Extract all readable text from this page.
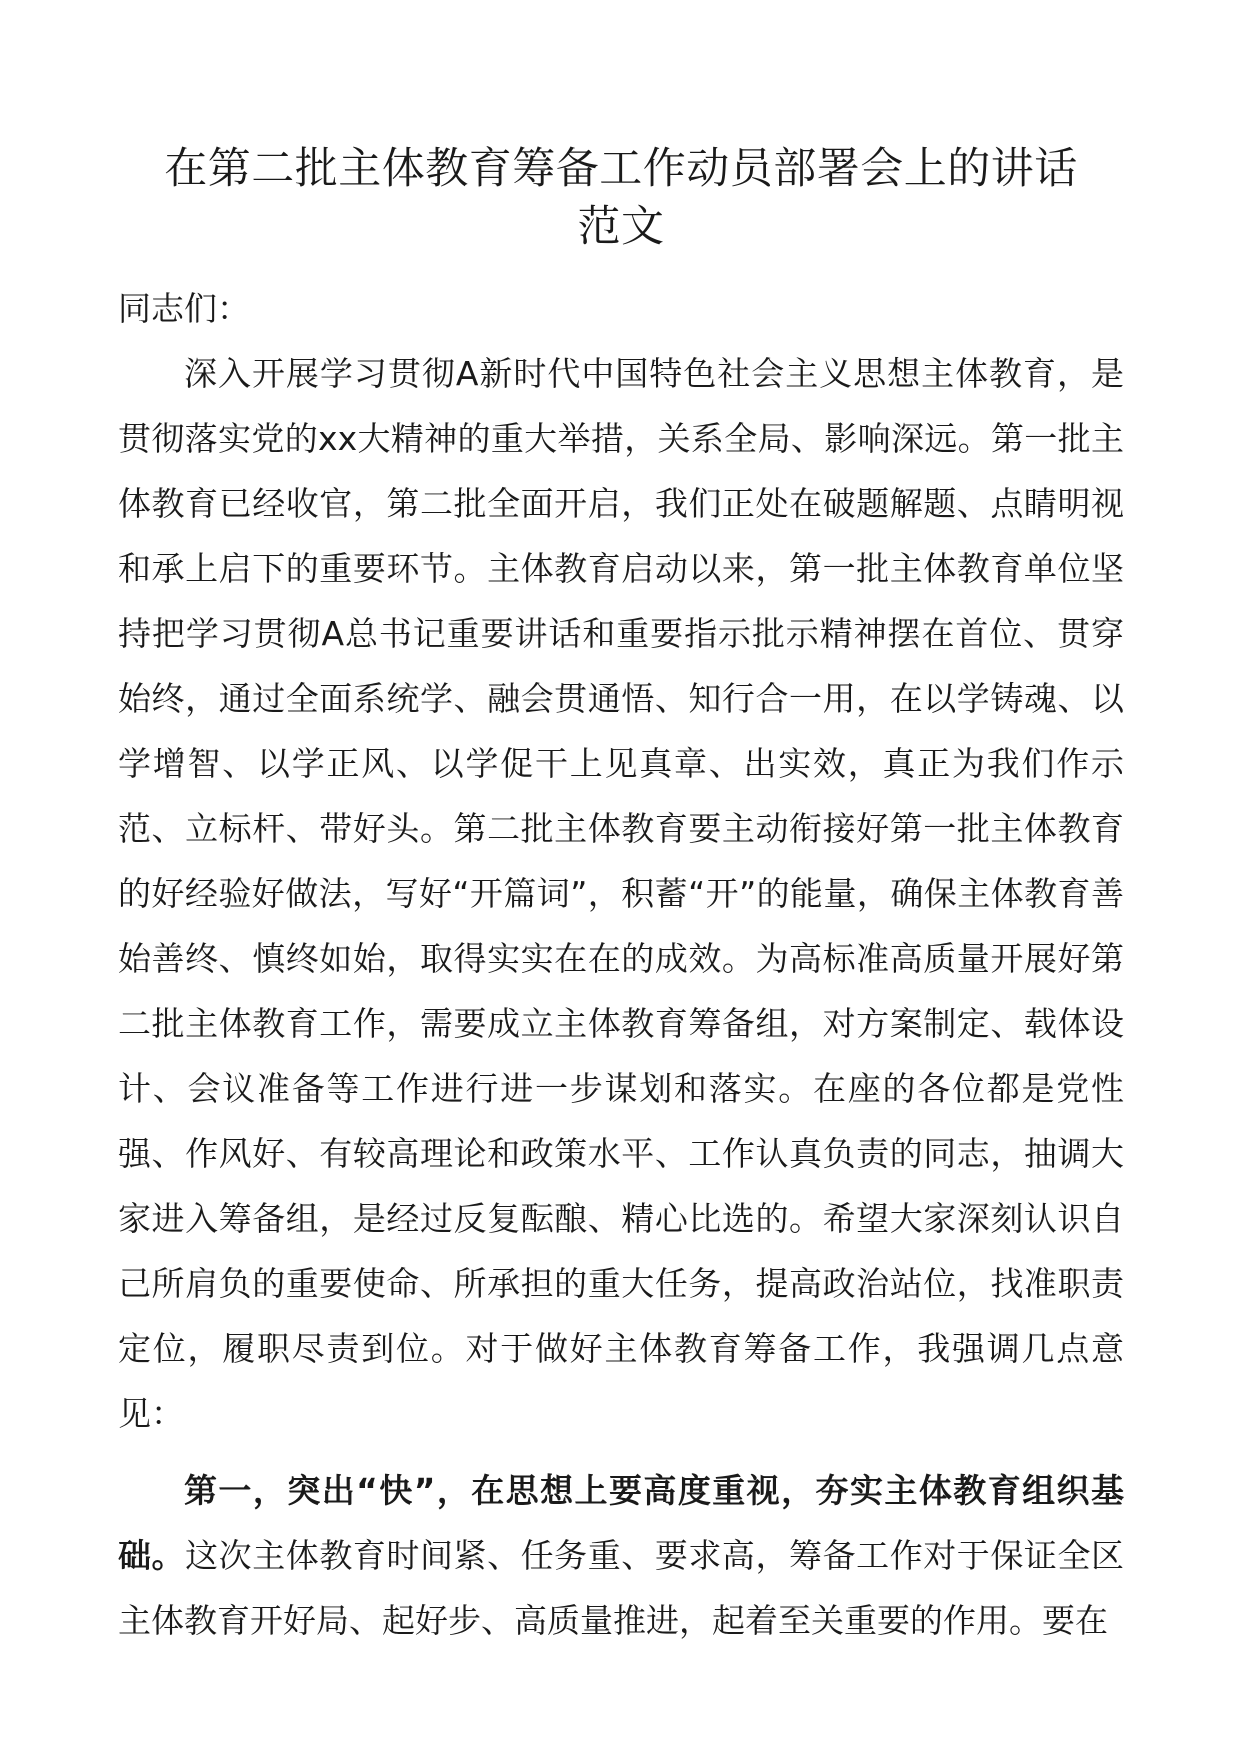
在第二批主体教育筹备工作动员部署会上的讲话
范文

同志们：

深入开展学习贯彻A新时代中国特色社会主义思想主体教育，是贯彻落实党的xx大精神的重大举措，关系全局、影响深远。第一批主体教育已经收官，第二批全面开启，我们正处在破题解题、点睛明视和承上启下的重要环节。主体教育启动以来，第一批主体教育单位坚持把学习贯彻A总书记重要讲话和重要指示批示精神摆在首位、贯穿始终，通过全面系统学、融会贯通悟、知行合一用，在以学铸魂、以学增智、以学正风、以学促干上见真章、出实效，真正为我们作示范、立标杆、带好头。第二批主体教育要主动衔接好第一批主体教育的好经验好做法，写好“开篇词”，积蓄“开”的能量，确保主体教育善始善终、慎终如始，取得实实在在的成效。为高标准高质量开展好第二批主体教育工作，需要成立主体教育筹备组，对方案制定、载体设计、会议准备等工作进行进一步谋划和落实。在座的各位都是党性强、作风好、有较高理论和政策水平、工作认真负责的同志，抽调大家进入筹备组，是经过反复酝酿、精心比选的。希望大家深刻认识自己所肩负的重要使命、所承担的重大任务，提高政治站位，找准职责定位，履职尽责到位。对于做好主体教育筹备工作，我强调几点意见：

第一，突出“快”，在思想上要高度重视，夯实主体教育组织基础。这次主体教育时间紧、任务重、要求高，筹备工作对于保证全区主体教育开好局、起好步、高质量推进，起着至关重要的作用。要在
